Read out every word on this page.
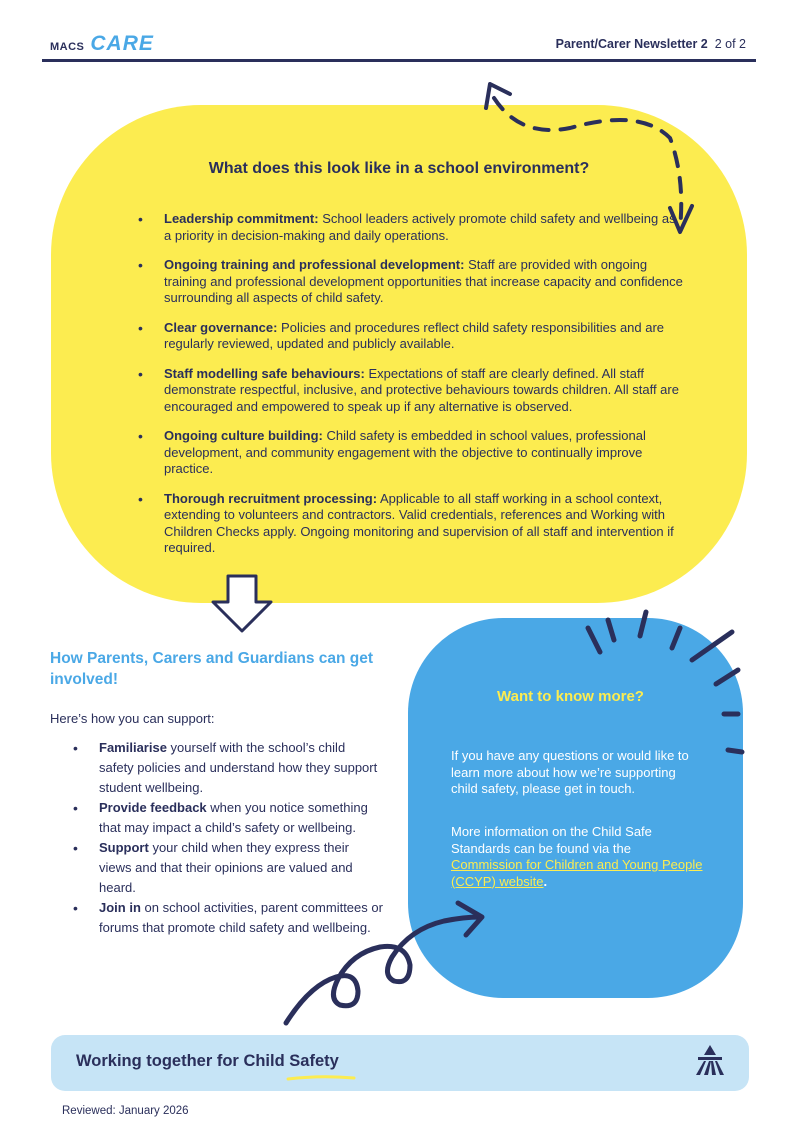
MACS CARE	Parent/Carer Newsletter 2 2 of 2
What does this look like in a school environment?
• Leadership commitment: School leaders actively promote child safety and wellbeing as a priority in decision-making and daily operations.
• Ongoing training and professional development: Staff are provided with ongoing training and professional development opportunities that increase capacity and confidence surrounding all aspects of child safety.
• Clear governance: Policies and procedures reflect child safety responsibilities and are regularly reviewed, updated and publicly available.
• Staff modelling safe behaviours: Expectations of staff are clearly defined. All staff demonstrate respectful, inclusive, and protective behaviours towards children. All staff are encouraged and empowered to speak up if any alternative is observed.
• Ongoing culture building: Child safety is embedded in school values, professional development, and community engagement with the objective to continually improve practice.
• Thorough recruitment processing: Applicable to all staff working in a school context, extending to volunteers and contractors. Valid credentials, references and Working with Children Checks apply. Ongoing monitoring and supervision of all staff and intervention if required.
How Parents, Carers and Guardians can get involved!
Here’s how you can support:
• Familiarise yourself with the school’s child safety policies and understand how they support student wellbeing.
• Provide feedback when you notice something that may impact a child’s safety or wellbeing.
• Support your child when they express their views and that their opinions are valued and heard.
• Join in on school activities, parent committees or forums that promote child safety and wellbeing.
Want to know more?
If you have any questions or would like to learn more about how we’re supporting child safety, please get in touch.
More information on the Child Safe Standards can be found via the Commission for Children and Young People (CCYP) website.
Working together for Child Safety
Reviewed: January 2026
